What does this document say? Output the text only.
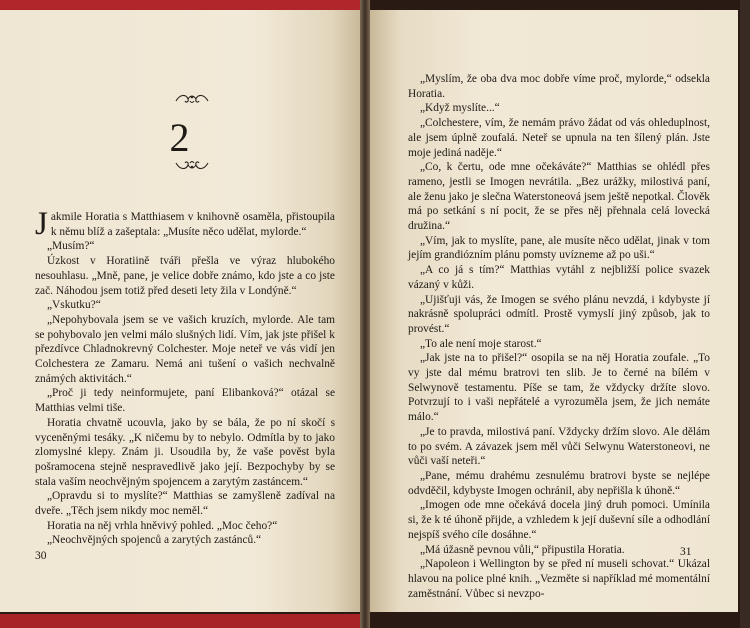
2

Jakmile Horatia s Matthiasem v knihovně osaměla, přistoupila k němu blíž a zašeptala: „Musíte něco udělat, mylorde.“

„Musím?“

Úzkost v Horatiině tváři přešla ve výraz hlubokého nesouhlasu. „Mně, pane, je velice dobře známo, kdo jste a co jste zač. Náhodou jsem totiž před deseti lety žila v Londýně.“

„Vskutku?“

„Nepohybovala jsem se ve vašich kruzích, mylorde. Ale tam se pohybovalo jen velmi málo slušných lidí. Vím, jak jste přišel k přezdívce Chladnokrevný Colchester. Moje neteř ve vás vidí jen Colchestera ze Zamaru. Nemá ani tušení o vašich nechvalně známých aktivitách.“

„Proč ji tedy neinformujete, paní Elibanková?“ otázal se Matthias velmi tiše.

Horatia chvatně ucouvla, jako by se bála, že po ní skočí s vyceněnými tesáky. „K ničemu by to nebylo. Odmítla by to jako zlomyslné klepy. Znám ji. Usoudila by, že vaše pověst byla pošramocena stejně nespravedlivě jako její. Bezpochyby by se stala vaším neochvějným spojencem a zarytým zastáncem.“

„Opravdu si to myslíte?“ Matthias se zamyšleně zadíval na dveře. „Těch jsem nikdy moc neměl.“

Horatia na něj vrhla hněvivý pohled. „Moc čeho?“

„Neochvějných spojenců a zarytých zastánců.“

30

„Myslím, že oba dva moc dobře víme proč, mylorde,“ odsekla Horatia.

„Když myslíte...“

„Colchestere, vím, že nemám právo žádat od vás ohleduplnost, ale jsem úplně zoufalá. Neteř se upnula na ten šílený plán. Jste moje jediná naděje.“

„Co, k čertu, ode mne očekáváte?“ Matthias se ohlédl přes rameno, jestli se Imogen nevrátila. „Bez urážky, milostivá paní, ale ženu jako je slečna Waterstoneová jsem ještě nepotkal. Člověk má po setkání s ní pocit, že se přes něj přehnala celá lovecká družina.“

„Vím, jak to myslíte, pane, ale musíte něco udělat, jinak v tom jejím grandiózním plánu pomsty uvízneme až po uši.“

„A co já s tím?“ Matthias vytáhl z nejbližší police svazek vázaný v kůži.

„Ujišťuji vás, že Imogen se svého plánu nevzdá, i kdybyste jí nakrásně spolupráci odmítl. Prostě vymyslí jiný způsob, jak to provést.“

„To ale není moje starost.“

„Jak jste na to přišel?“ osopila se na něj Horatia zoufale. „To vy jste dal mému bratrovi ten slib. Je to černé na bílém v Selwynově testamentu. Píše se tam, že vždycky držíte slovo. Potvrzují to i vaši nepřátelé a vyrozuměla jsem, že jich nemáte málo.“

„Je to pravda, milostivá paní. Vždycky držím slovo. Ale dělám to po svém. A závazek jsem měl vůči Selwynu Waterstoneovi, ne vůči vaší neteři.“

„Pane, mému drahému zesnulému bratrovi byste se nejlépe odvděčil, kdybyste Imogen ochránil, aby nepřišla k úhoně.“

„Imogen ode mne očekává docela jiný druh pomoci. Umínila si, že k té úhoně přijde, a vzhledem k její duševní síle a odhodlání nejspíš svého cíle dosáhne.“

„Má úžasně pevnou vůli,“ připustila Horatia.

„Napoleon i Wellington by se před ní museli schovat.“ Ukázal hlavou na police plné knih. „Vezměte si například mé momentální zaměstnání. Vůbec si nevzpo-

31
